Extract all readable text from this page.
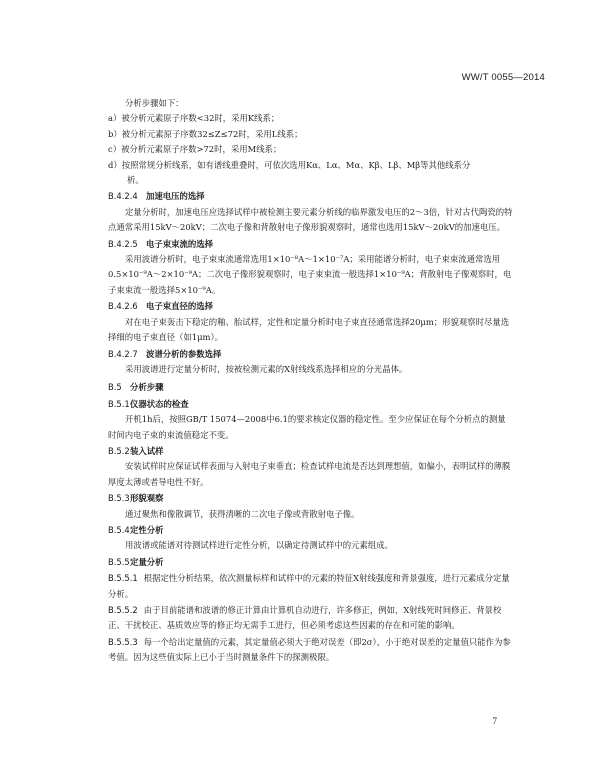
WW/T 0055—2014

分析步骤如下：

a）被分析元素原子序数<32时，采用K线系；

b）被分析元素原子序数32≤Z≤72时，采用L线系；

c）被分析元素原子序数>72时，采用M线系；

d）按照常规分析线系，如有谱线重叠时，可依次选用Kα、Lα、Mα、Kβ、Lβ、Mβ等其他线系分
析。

B.4.2.4 加速电压的选择

定量分析时，加速电压应选择试样中被检测主要元素分析线的临界激发电压的2～3倍，针对古代陶瓷的特点通常采用15kV～20kV；二次电子像和背散射电子像形貌观察时，通常也选用15kV～20kV的加速电压。

B.4.2.5 电子束束流的选择

采用波谱分析时，电子束束流通常选用1×10⁻⁸A～1×10⁻⁷A；采用能谱分析时，电子束束流通常选用0.5×10⁻⁹A～2×10⁻⁹A；二次电子像形貌观察时，电子束束流一般选择1×10⁻⁹A；背散射电子像观察时，电子束束流一般选择5×10⁻⁹A。

B.4.2.6 电子束直径的选择

对在电子束轰击下稳定的釉、胎试样，定性和定量分析时电子束直径通常选择20μm；形貌观察时尽量选择细的电子束直径（如1μm）。

B.4.2.7 波谱分析的参数选择

采用波谱进行定量分析时，按被检测元素的X射线线系选择相应的分光晶体。

B.5 分析步骤
B.5.1仪器状态的检查

开机1h后，按照GB/T 15074—2008中6.1的要求核定仪器的稳定性。至少应保证在每个分析点的测量时间内电子束的束流值稳定不变。

B.5.2装入试样

安装试样时应保证试样表面与入射电子束垂直；检查试样电流是否达到理想值，如偏小，表明试样的薄膜厚度太薄或者导电性不好。

B.5.3形貌观察

通过聚焦和像散调节，获得清晰的二次电子像或背散射电子像。

B.5.4定性分析

用波谱或能谱对待测试样进行定性分析，以确定待测试样中的元素组成。

B.5.5定量分析

B.5.5.1 根据定性分析结果，依次测量标样和试样中的元素的特征X射线强度和背景强度，进行元素成分定量分析。

B.5.5.2 由于目前能谱和波谱的修正计算由计算机自动进行，许多修正，例如，X射线死时间修正、背景校正、干扰校正、基质效应等的修正均无需手工进行，但必须考虑这些因素的存在和可能的影响。

B.5.5.3 每一个给出定量值的元素，其定量值必须大于绝对误差（即2σ），小于绝对误差的定量值只能作为参考值。因为这些值实际上已小于当时测量条件下的探测极限。

7
